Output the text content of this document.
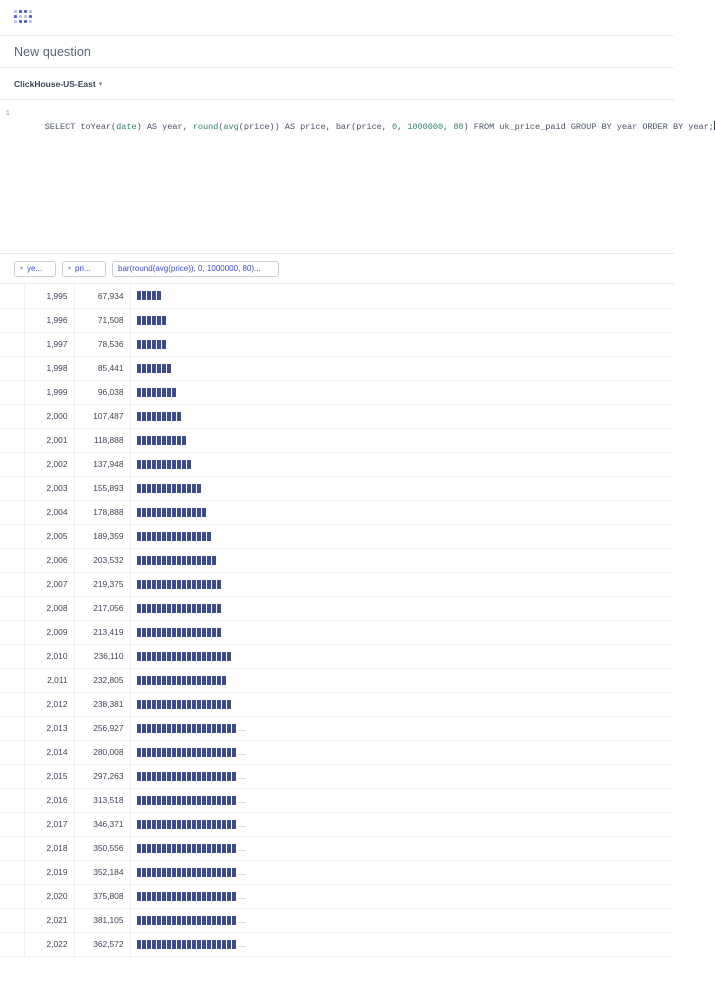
New question
ClickHouse-US-East ▾
1

SELECT toYear(date) AS year, round(avg(price)) AS price, bar(price, 0, 1000000, 80) FROM uk_price_paid GROUP BY year ORDER BY year;

▾ ye...	▾ pri...	bar(round(avg(price)), 0, 1000000, 80)...
	1,995	67,934	

	1,996	71,508	

	1,997	78,536	

	1,998	85,441	

	1,999	96,038	

	2,000	107,487	

	2,001	118,888	

	2,002	137,948	

	2,003	155,893	

	2,004	178,888	

	2,005	189,359	

	2,006	203,532	

	2,007	219,375	

	2,008	217,056	

	2,009	213,419	

	2,010	236,110	

	2,011	232,805	

	2,012	238,381	

	2,013	256,927	…

	2,014	280,008	…

	2,015	297,263	…

	2,016	313,518	…

	2,017	346,371	…

	2,018	350,556	…

	2,019	352,184	…

	2,020	375,808	…

	2,021	381,105	…

	2,022	362,572	…
